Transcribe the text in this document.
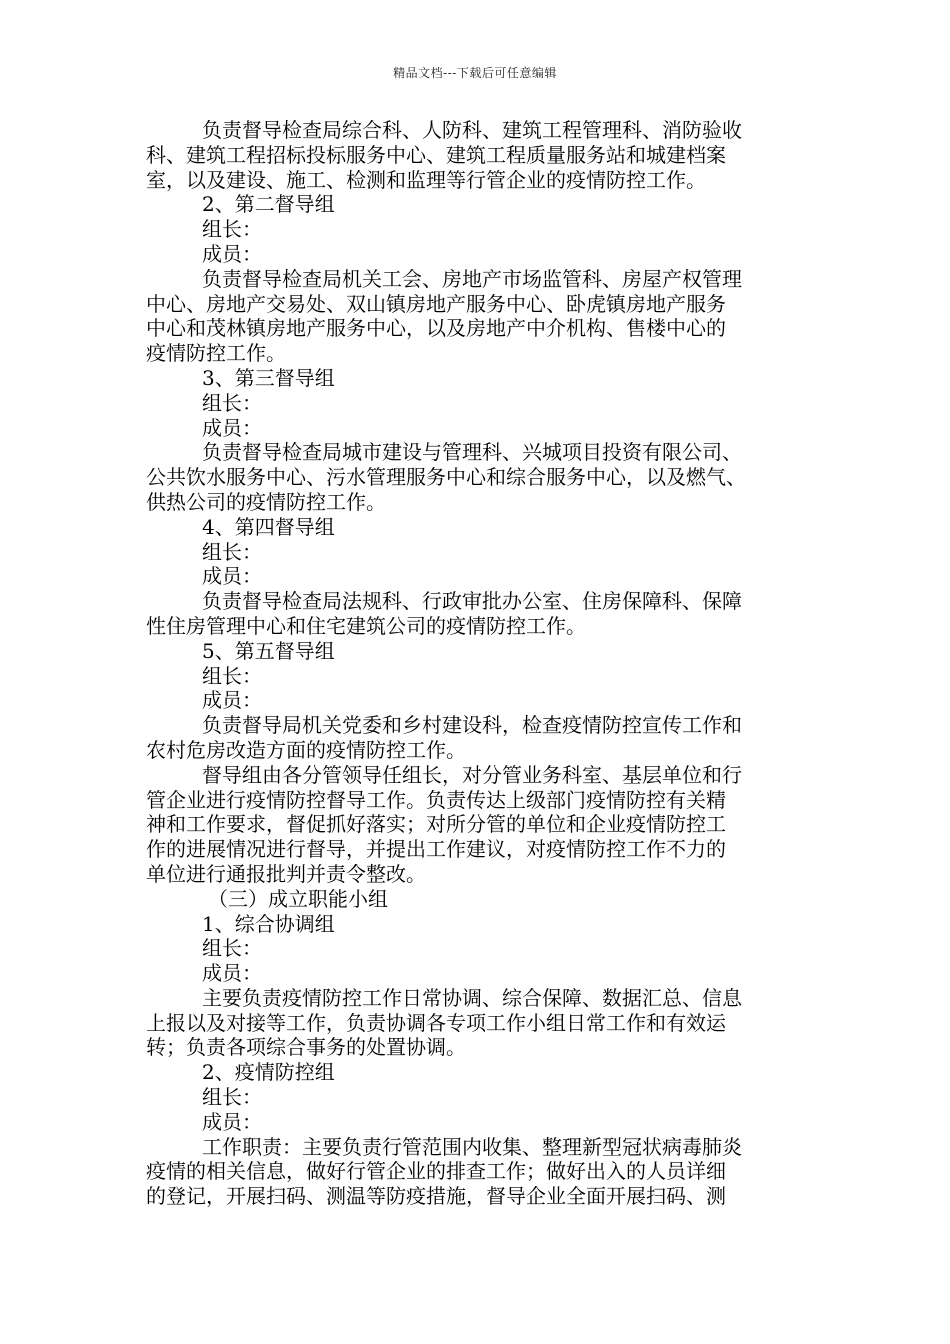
精品文档---下载后可任意编辑
负责督导检查局综合科、人防科、建筑工程管理科、消防验收
科、建筑工程招标投标服务中心、建筑工程质量服务站和城建档案
室，以及建设、施工、检测和监理等行管企业的疫情防控工作。
2、第二督导组
组长：
成员：
负责督导检查局机关工会、房地产市场监管科、房屋产权管理
中心、房地产交易处、双山镇房地产服务中心、卧虎镇房地产服务
中心和茂林镇房地产服务中心，以及房地产中介机构、售楼中心的
疫情防控工作。
3、第三督导组
组长：
成员：
负责督导检查局城市建设与管理科、兴城项目投资有限公司、
公共饮水服务中心、污水管理服务中心和综合服务中心，以及燃气、
供热公司的疫情防控工作。
4、第四督导组
组长：
成员：
负责督导检查局法规科、行政审批办公室、住房保障科、保障
性住房管理中心和住宅建筑公司的疫情防控工作。
5、第五督导组
组长：
成员：
负责督导局机关党委和乡村建设科，检查疫情防控宣传工作和
农村危房改造方面的疫情防控工作。
督导组由各分管领导任组长，对分管业务科室、基层单位和行
管企业进行疫情防控督导工作。负责传达上级部门疫情防控有关精
神和工作要求，督促抓好落实；对所分管的单位和企业疫情防控工
作的进展情况进行督导，并提出工作建议，对疫情防控工作不力的
单位进行通报批判并责令整改。
（三）成立职能小组
1、综合协调组
组长：
成员：
主要负责疫情防控工作日常协调、综合保障、数据汇总、信息
上报以及对接等工作，负责协调各专项工作小组日常工作和有效运
转；负责各项综合事务的处置协调。
2、疫情防控组
组长：
成员：
工作职责：主要负责行管范围内收集、整理新型冠状病毒肺炎
疫情的相关信息，做好行管企业的排查工作；做好出入的人员详细
的登记，开展扫码、测温等防疫措施，督导企业全面开展扫码、测
